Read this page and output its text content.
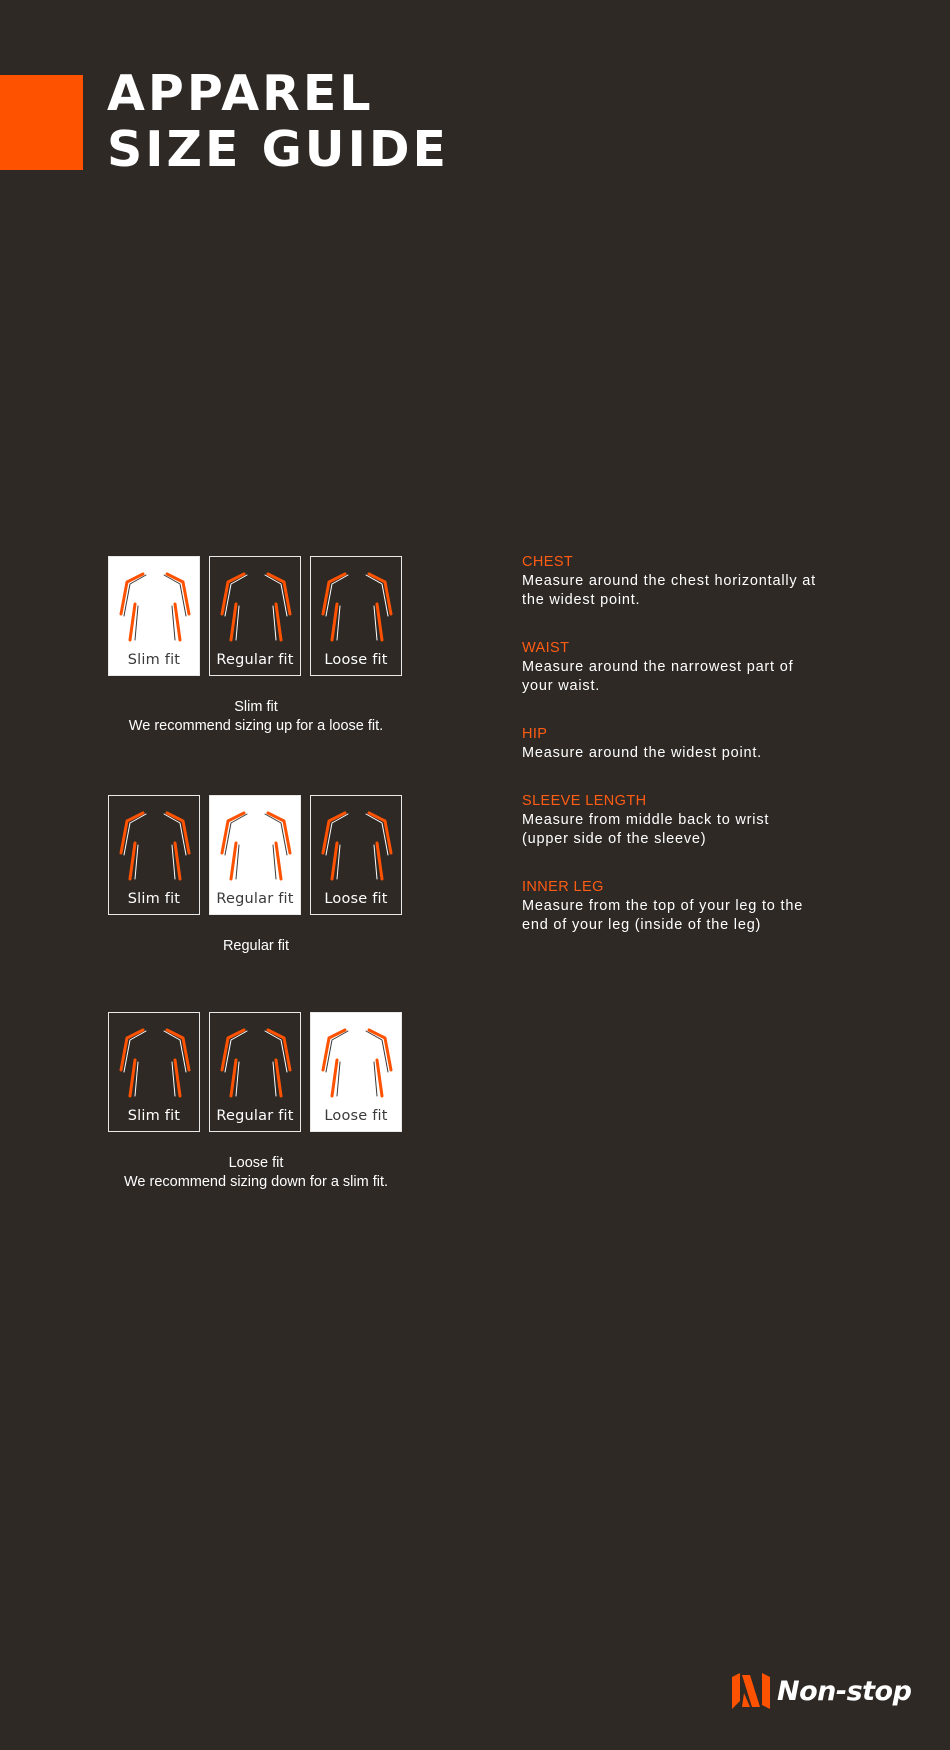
APPAREL
SIZE GUIDE
Slim fit	Regular fit	Loose fit
Slim fit
We recommend sizing up for a loose fit.
Slim fit	Regular fit	Loose fit
Regular fit
Slim fit	Regular fit	Loose fit
Loose fit
We recommend sizing down for a slim fit.
CHEST
Measure around the chest horizontally at
the widest point.
WAIST
Measure around the narrowest part of
your waist.
HIP
Measure around the widest point.
SLEEVE LENGTH
Measure from middle back to wrist
(upper side of the sleeve)
INNER LEG
Measure from the top of your leg to the
end of your leg (inside of the leg)
Non-stop
